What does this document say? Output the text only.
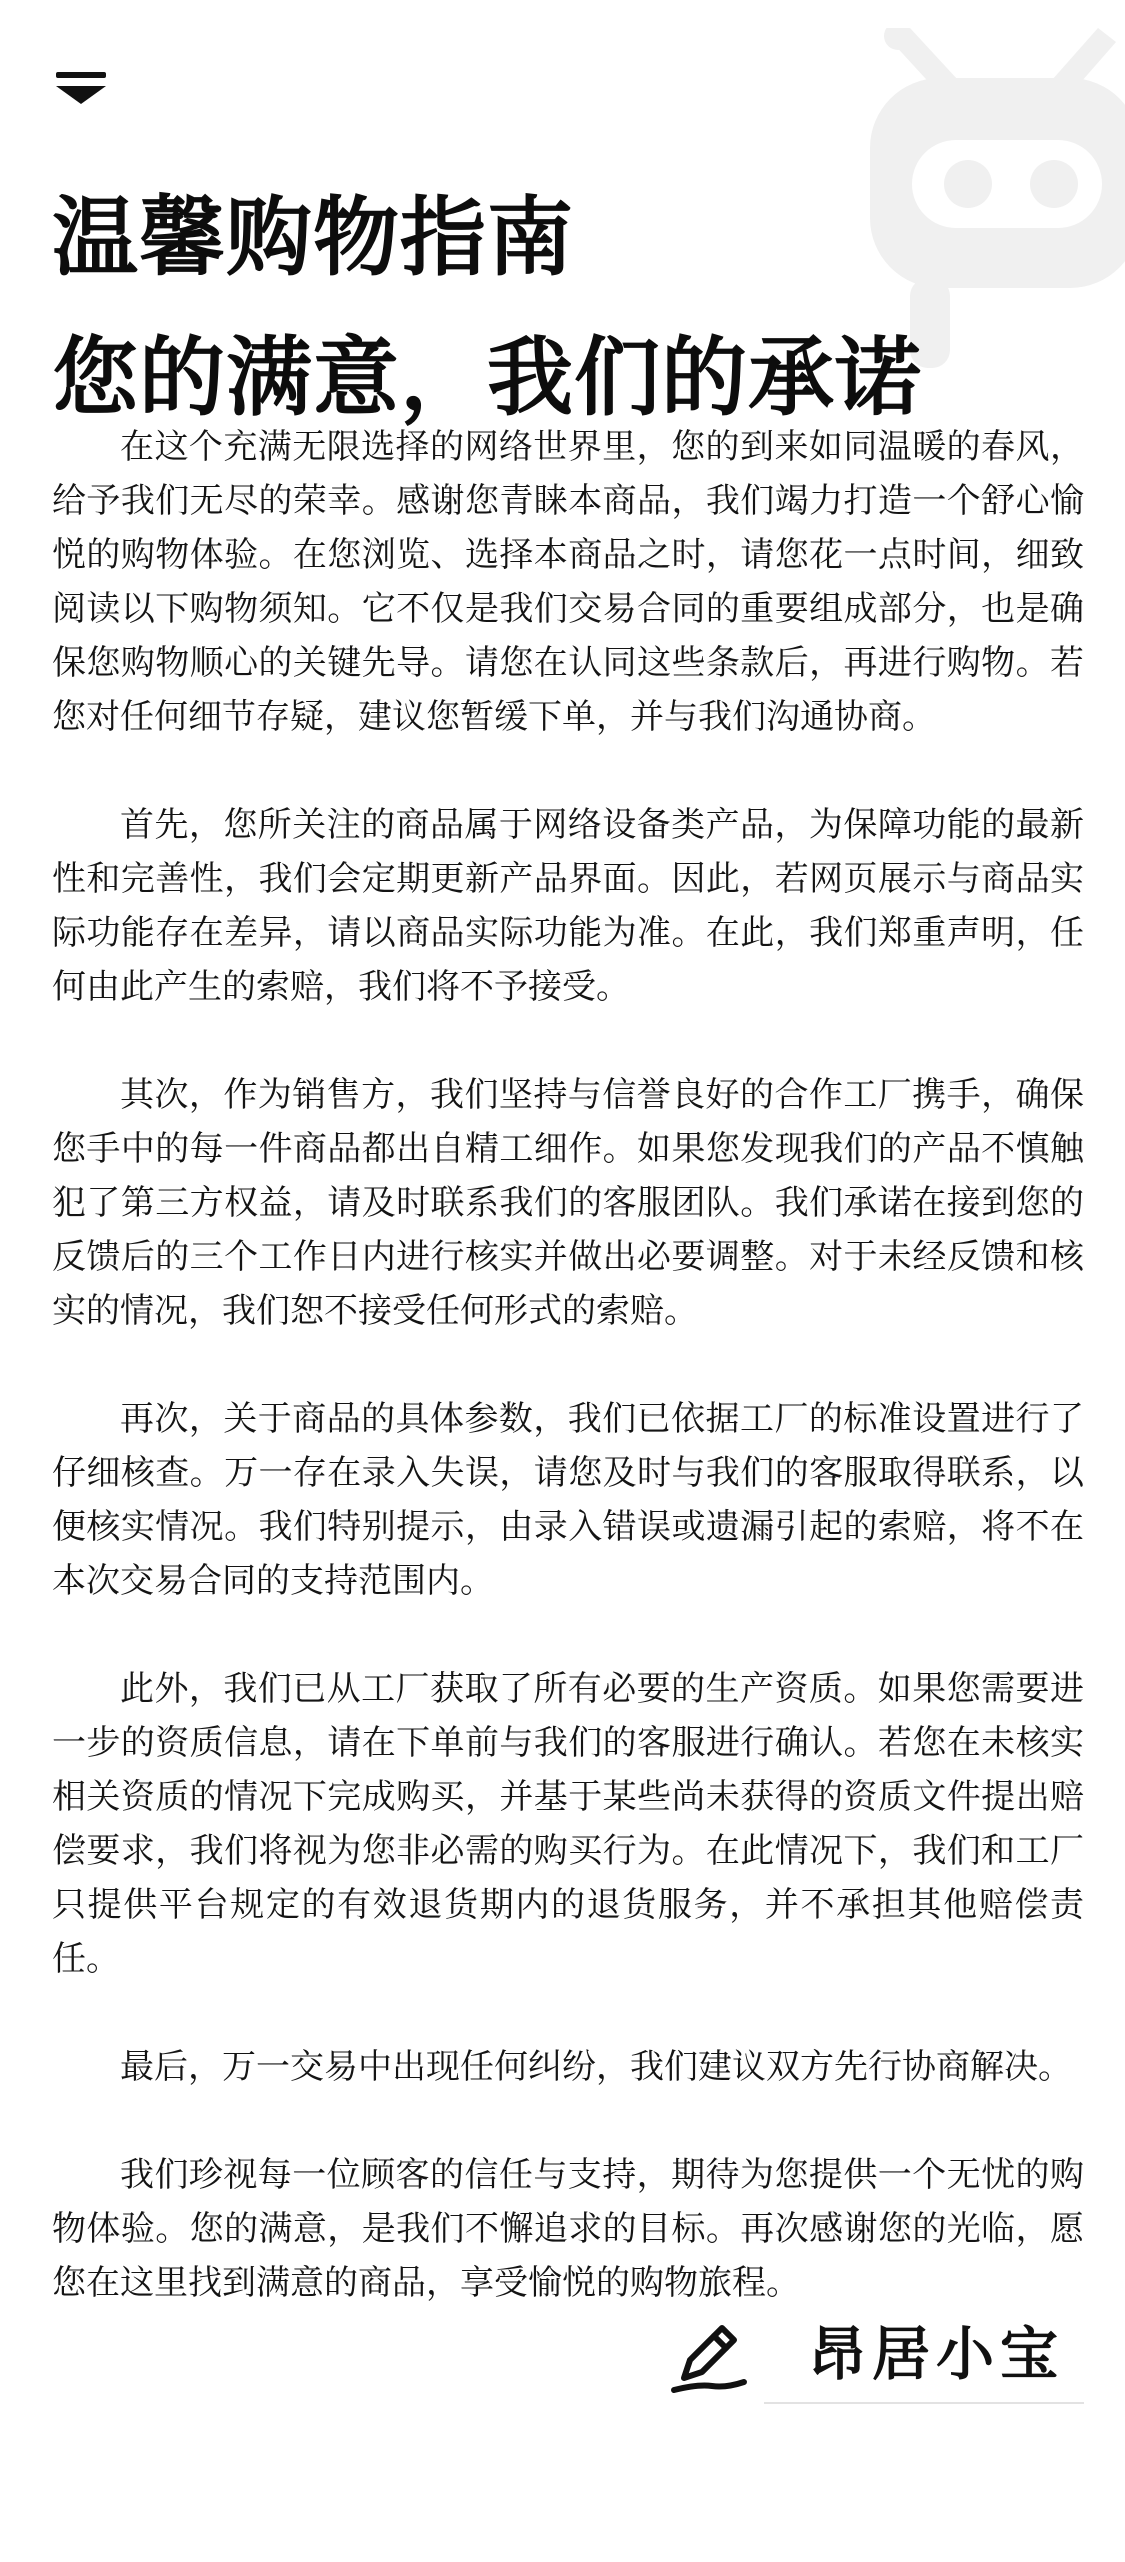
温馨购物指南
您的满意，我们的承诺

在这个充满无限选择的网络世界里，您的到来如同温暖的春风，给予我们无尽的荣幸。感谢您青睐本商品，我们竭力打造一个舒心愉悦的购物体验。在您浏览、选择本商品之时，请您花一点时间，细致阅读以下购物须知。它不仅是我们交易合同的重要组成部分，也是确保您购物顺心的关键先导。请您在认同这些条款后，再进行购物。若您对任何细节存疑，建议您暂缓下单，并与我们沟通协商。

首先，您所关注的商品属于网络设备类产品，为保障功能的最新性和完善性，我们会定期更新产品界面。因此，若网页展示与商品实际功能存在差异，请以商品实际功能为准。在此，我们郑重声明，任何由此产生的索赔，我们将不予接受。

其次，作为销售方，我们坚持与信誉良好的合作工厂携手，确保您手中的每一件商品都出自精工细作。如果您发现我们的产品不慎触犯了第三方权益，请及时联系我们的客服团队。我们承诺在接到您的反馈后的三个工作日内进行核实并做出必要调整。对于未经反馈和核实的情况，我们恕不接受任何形式的索赔。

再次，关于商品的具体参数，我们已依据工厂的标准设置进行了仔细核查。万一存在录入失误，请您及时与我们的客服取得联系，以便核实情况。我们特别提示，由录入错误或遗漏引起的索赔，将不在本次交易合同的支持范围内。

此外，我们已从工厂获取了所有必要的生产资质。如果您需要进一步的资质信息，请在下单前与我们的客服进行确认。若您在未核实相关资质的情况下完成购买，并基于某些尚未获得的资质文件提出赔偿要求，我们将视为您非必需的购买行为。在此情况下，我们和工厂只提供平台规定的有效退货期内的退货服务，并不承担其他赔偿责任。

最后，万一交易中出现任何纠纷，我们建议双方先行协商解决。

我们珍视每一位顾客的信任与支持，期待为您提供一个无忧的购物体验。您的满意，是我们不懈追求的目标。再次感谢您的光临，愿您在这里找到满意的商品，享受愉悦的购物旅程。

昂居小宝
